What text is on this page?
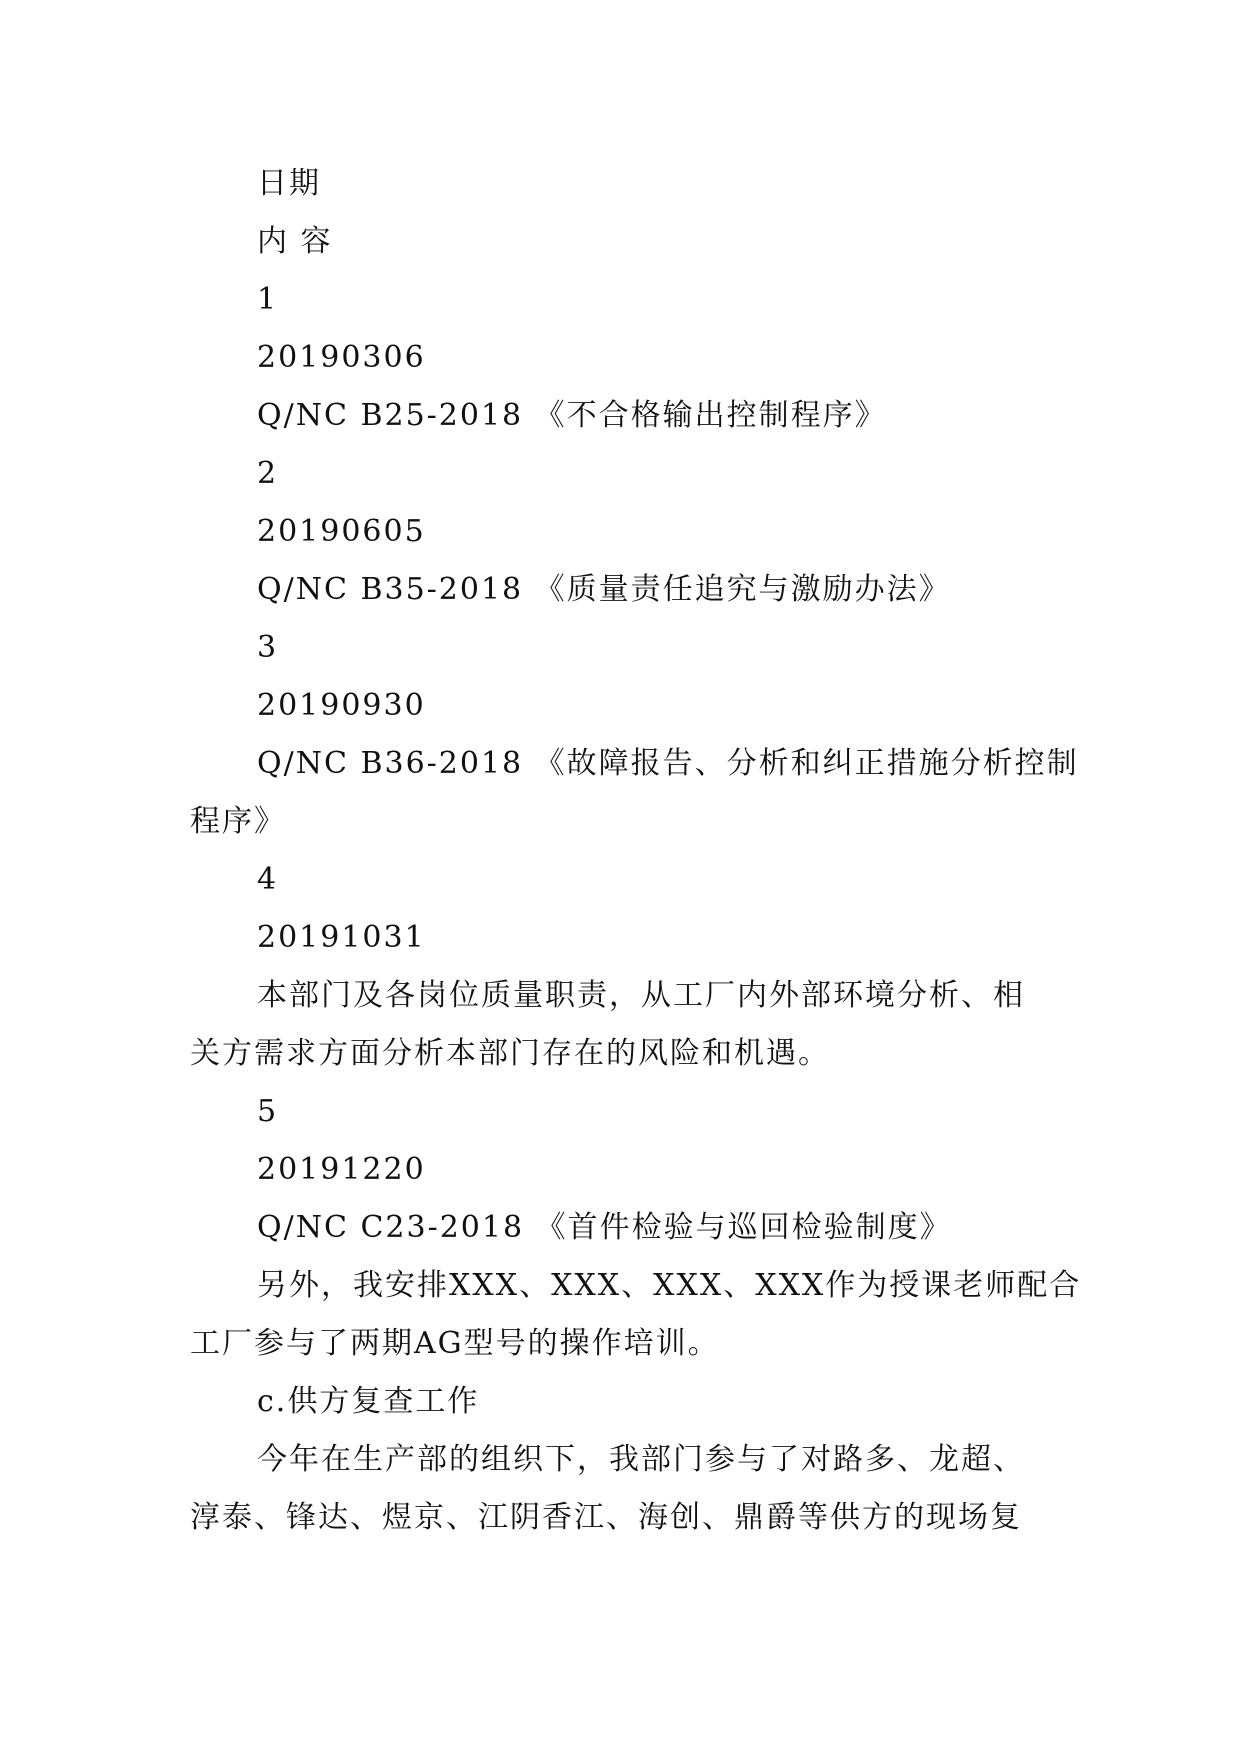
日期
内 容
1
20190306
Q/NC B25-2018 《不合格输出控制程序》
2
20190605
Q/NC B35-2018 《质量责任追究与激励办法》
3
20190930
Q/NC B36-2018 《故障报告、分析和纠正措施分析控制
程序》
4
20191031
本部门及各岗位质量职责，从工厂内外部环境分析、相
关方需求方面分析本部门存在的风险和机遇。
5
20191220
Q/NC C23-2018 《首件检验与巡回检验制度》
另外，我安排XXX、XXX、XXX、XXX作为授课老师配合
工厂参与了两期AG型号的操作培训。
c.供方复查工作
今年在生产部的组织下，我部门参与了对路多、龙超、
淳泰、锋达、煜京、江阴香江、海创、鼎爵等供方的现场复
